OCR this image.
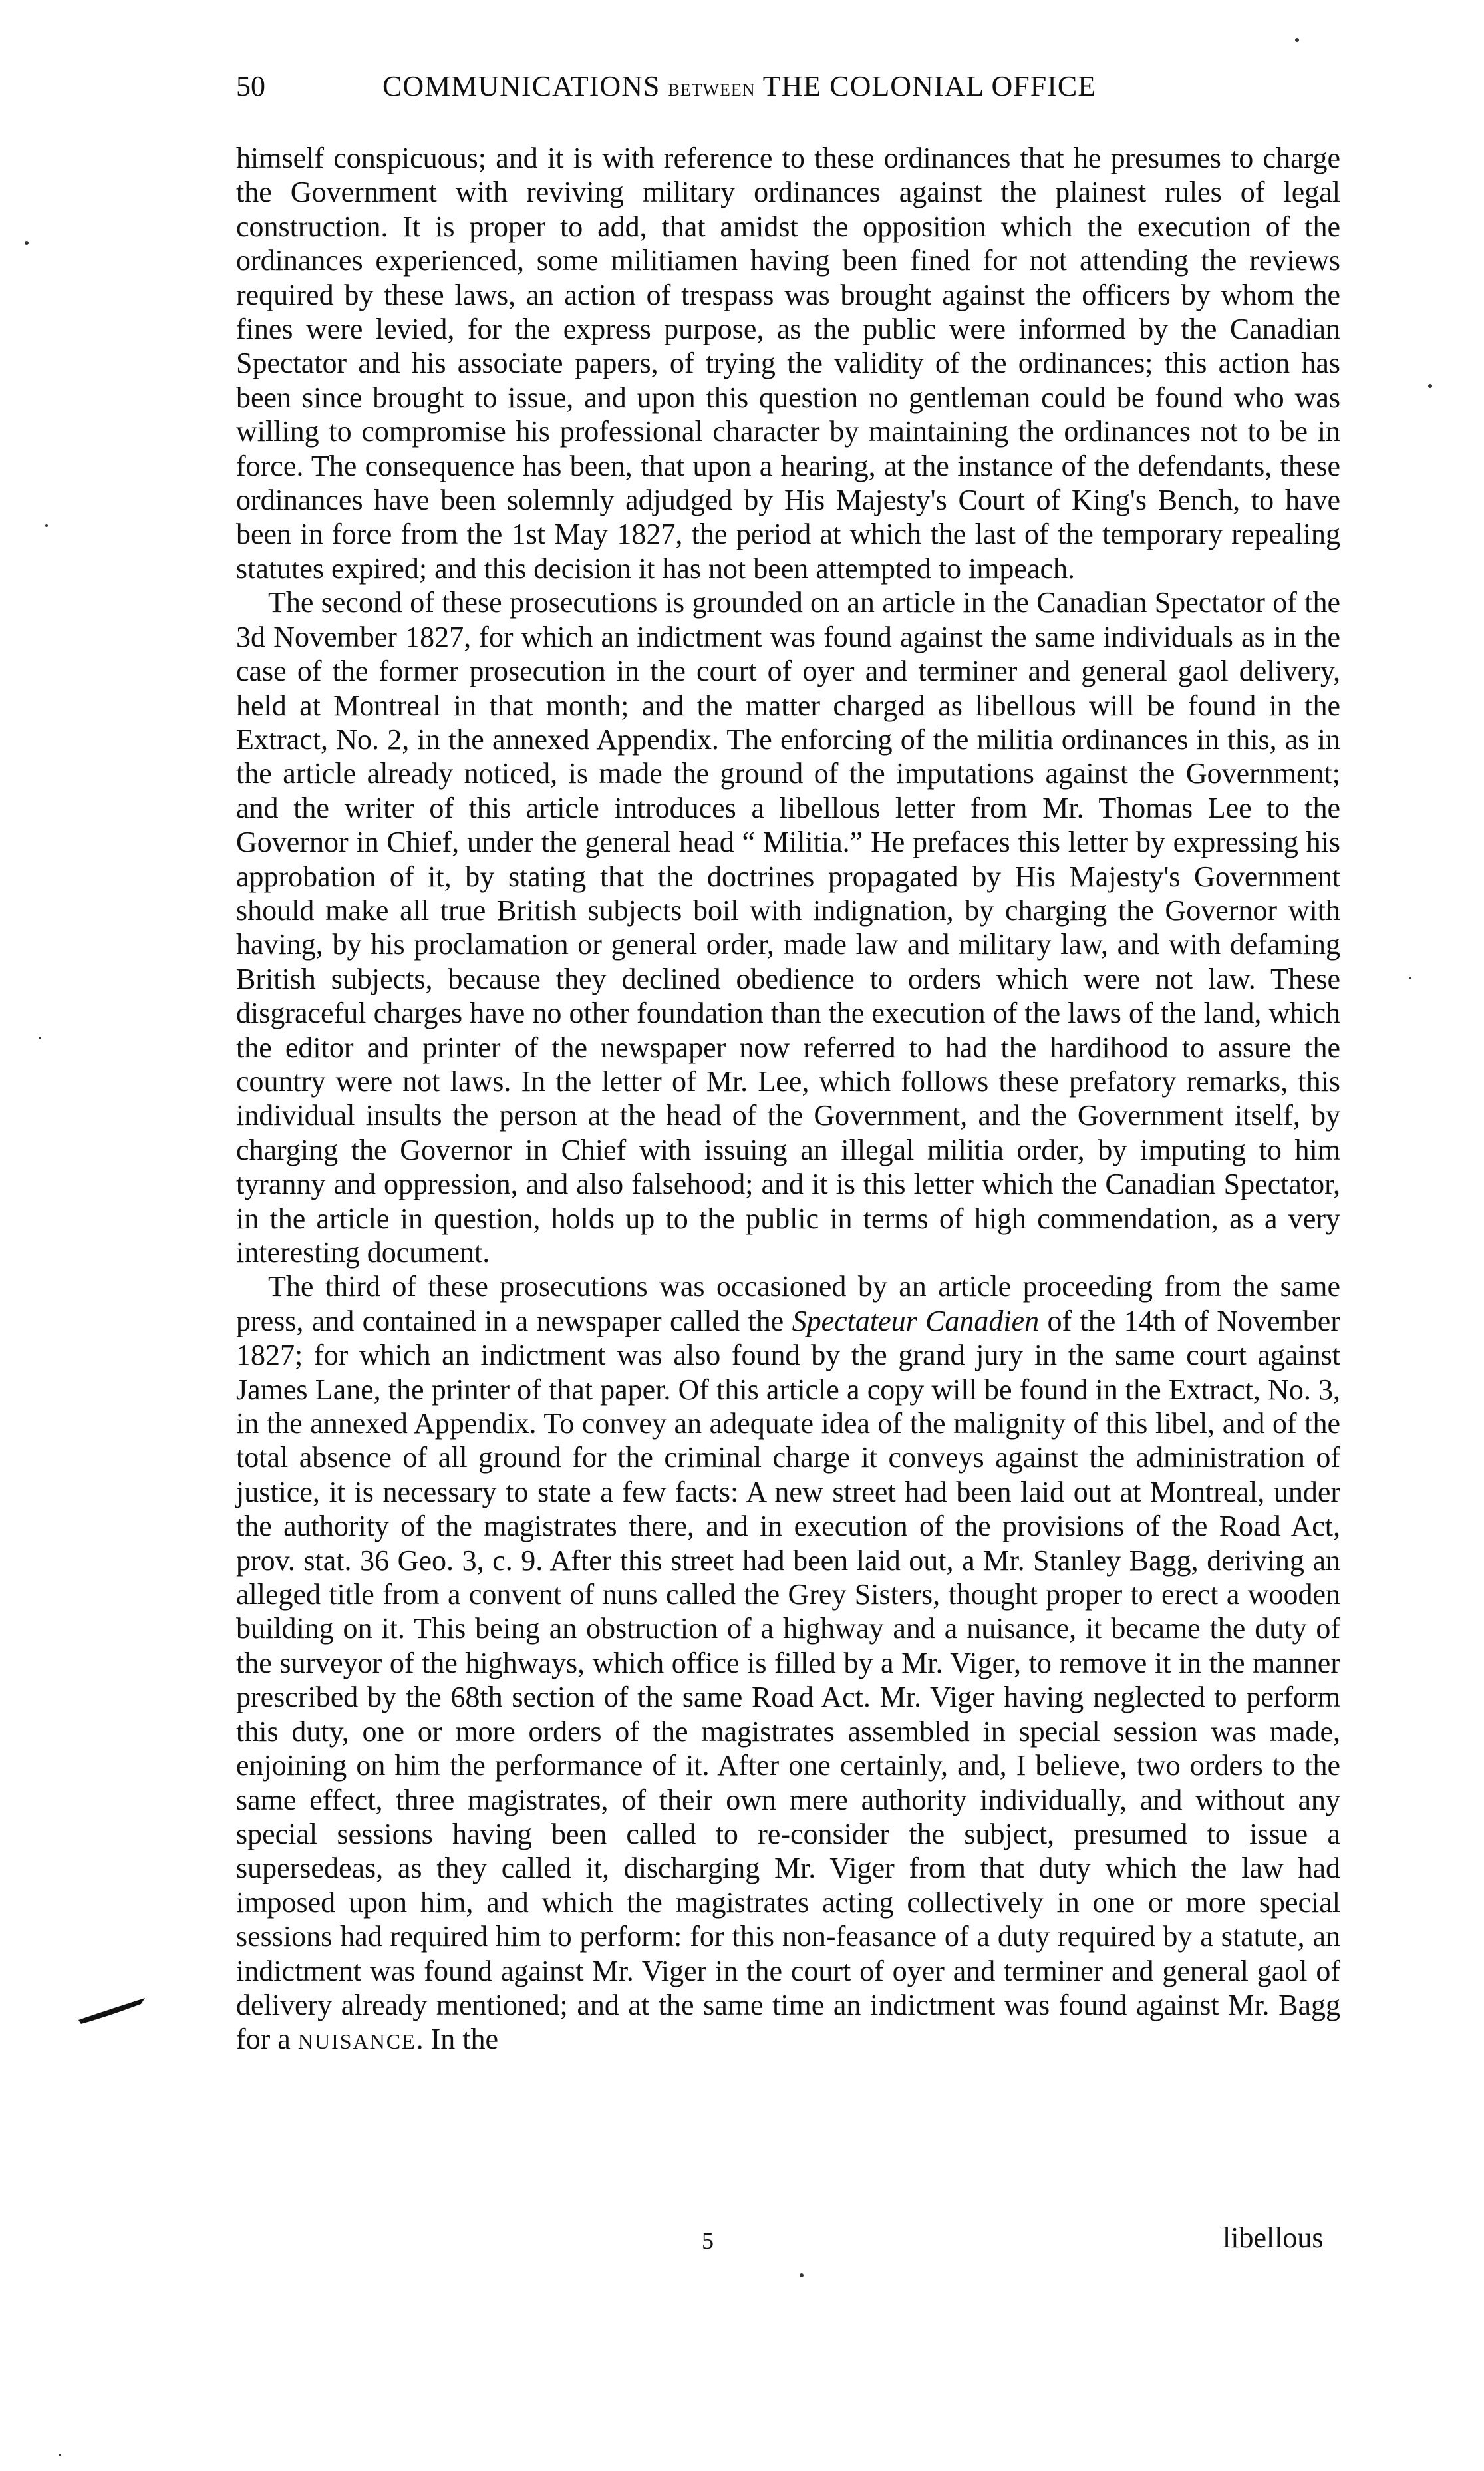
50	COMMUNICATIONS BETWEEN THE COLONIAL OFFICE

himself conspicuous; and it is with reference to these ordinances that he presumes to charge the Government with reviving military ordinances against the plainest rules of legal construction. It is proper to add, that amidst the opposition which the execution of the ordinances experienced, some militiamen having been fined for not attending the reviews required by these laws, an action of trespass was brought against the officers by whom the fines were levied, for the express purpose, as the public were informed by the Canadian Spectator and his associate papers, of trying the validity of the ordinances; this action has been since brought to issue, and upon this question no gentleman could be found who was willing to compromise his professional character by maintaining the ordinances not to be in force. The consequence has been, that upon a hearing, at the instance of the defendants, these ordinances have been solemnly adjudged by His Majesty's Court of King's Bench, to have been in force from the 1st May 1827, the period at which the last of the temporary repealing statutes expired; and this decision it has not been attempted to impeach.

The second of these prosecutions is grounded on an article in the Canadian Spectator of the 3d November 1827, for which an indictment was found against the same individuals as in the case of the former prosecution in the court of oyer and terminer and general gaol delivery, held at Montreal in that month; and the matter charged as libellous will be found in the Extract, No. 2, in the annexed Appendix. The enforcing of the militia ordinances in this, as in the article already noticed, is made the ground of the imputations against the Government; and the writer of this article introduces a libellous letter from Mr. Thomas Lee to the Governor in Chief, under the general head “ Militia.” He prefaces this letter by expressing his approbation of it, by stating that the doctrines propagated by His Majesty's Government should make all true British subjects boil with indignation, by charging the Governor with having, by his proclamation or general order, made law and military law, and with defaming British subjects, because they declined obedience to orders which were not law. These disgraceful charges have no other foundation than the execution of the laws of the land, which the editor and printer of the newspaper now referred to had the hardihood to assure the country were not laws. In the letter of Mr. Lee, which follows these prefatory remarks, this individual insults the person at the head of the Government, and the Government itself, by charging the Governor in Chief with issuing an illegal militia order, by imputing to him tyranny and oppression, and also falsehood; and it is this letter which the Canadian Spectator, in the article in question, holds up to the public in terms of high commendation, as a very interesting document.

The third of these prosecutions was occasioned by an article proceeding from the same press, and contained in a newspaper called the Spectateur Canadien of the 14th of November 1827; for which an indictment was also found by the grand jury in the same court against James Lane, the printer of that paper. Of this article a copy will be found in the Extract, No. 3, in the annexed Appendix. To convey an adequate idea of the malignity of this libel, and of the total absence of all ground for the criminal charge it conveys against the administration of justice, it is necessary to state a few facts: A new street had been laid out at Montreal, under the authority of the magistrates there, and in execution of the provisions of the Road Act, prov. stat. 36 Geo. 3, c. 9. After this street had been laid out, a Mr. Stanley Bagg, deriving an alleged title from a convent of nuns called the Grey Sisters, thought proper to erect a wooden building on it. This being an obstruction of a highway and a nuisance, it became the duty of the surveyor of the highways, which office is filled by a Mr. Viger, to remove it in the manner prescribed by the 68th section of the same Road Act. Mr. Viger having neglected to perform this duty, one or more orders of the magistrates assembled in special session was made, enjoining on him the performance of it. After one certainly, and, I believe, two orders to the same effect, three magistrates, of their own mere authority individually, and without any special sessions having been called to re-consider the subject, presumed to issue a supersedeas, as they called it, discharging Mr. Viger from that duty which the law had imposed upon him, and which the magistrates acting collectively in one or more special sessions had required him to perform: for this non-feasance of a duty required by a statute, an indictment was found against Mr. Viger in the court of oyer and terminer and general gaol of delivery already mentioned; and at the same time an indictment was found against Mr. Bagg for a NUISANCE. In the

5	libellous
